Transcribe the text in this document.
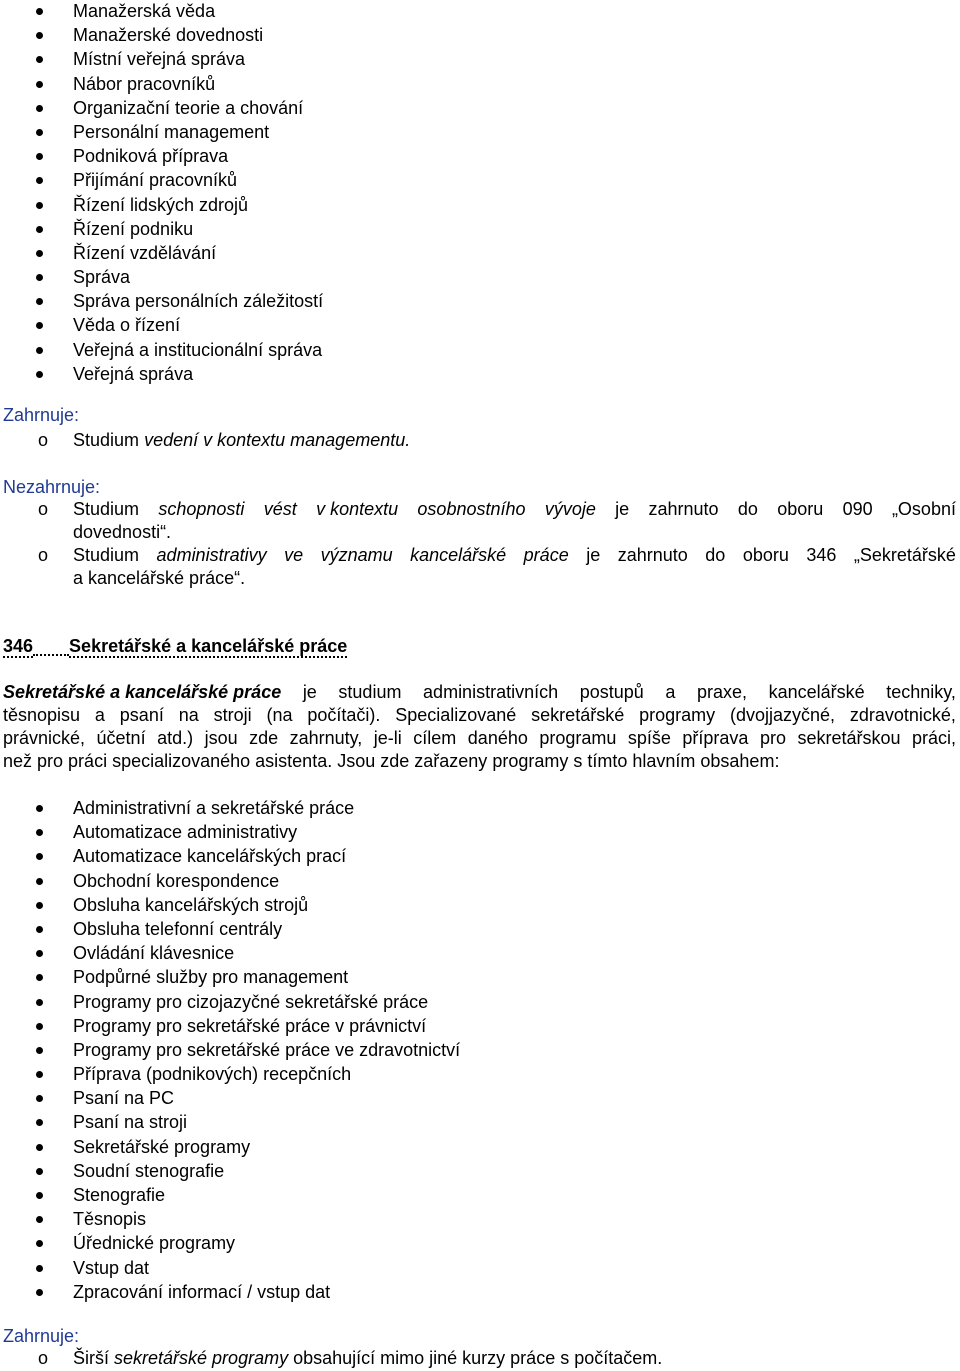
Manažerská věda
Manažerské dovednosti
Místní veřejná správa
Nábor pracovníků
Organizační teorie a chování
Personální management
Podniková příprava
Přijímání pracovníků
Řízení lidských zdrojů
Řízení podniku
Řízení vzdělávání
Správa
Správa personálních záležitostí
Věda o řízení
Veřejná a institucionální správa
Veřejná správa
Zahrnuje:
o Studium vedení v kontextu managementu.
Nezahrnuje:
o Studium schopnosti vést v kontextu osobnostního vývoje je zahrnuto do oboru 090 „Osobní
dovednosti“.
o Studium administrativy ve významu kancelářské práce je zahrnuto do oboru 346 „Sekretářské
a kancelářské práce“.
346 Sekretářské a kancelářské práce
Sekretářské a kancelářské práce je studium administrativních postupů a praxe, kancelářské techniky,
těsnopisu a psaní na stroji (na počítači). Specializované sekretářské programy (dvojjazyčné, zdravotnické,
právnické, účetní atd.) jsou zde zahrnuty, je-li cílem daného programu spíše příprava pro sekretářskou práci,
než pro práci specializovaného asistenta. Jsou zde zařazeny programy s tímto hlavním obsahem:
Administrativní a sekretářské práce
Automatizace administrativy
Automatizace kancelářských prací
Obchodní korespondence
Obsluha kancelářských strojů
Obsluha telefonní centrály
Ovládání klávesnice
Podpůrné služby pro management
Programy pro cizojazyčné sekretářské práce
Programy pro sekretářské práce v právnictví
Programy pro sekretářské práce ve zdravotnictví
Příprava (podnikových) recepčních
Psaní na PC
Psaní na stroji
Sekretářské programy
Soudní stenografie
Stenografie
Těsnopis
Úřednické programy
Vstup dat
Zpracování informací / vstup dat
Zahrnuje:
o Širší sekretářské programy obsahující mimo jiné kurzy práce s počítačem.
